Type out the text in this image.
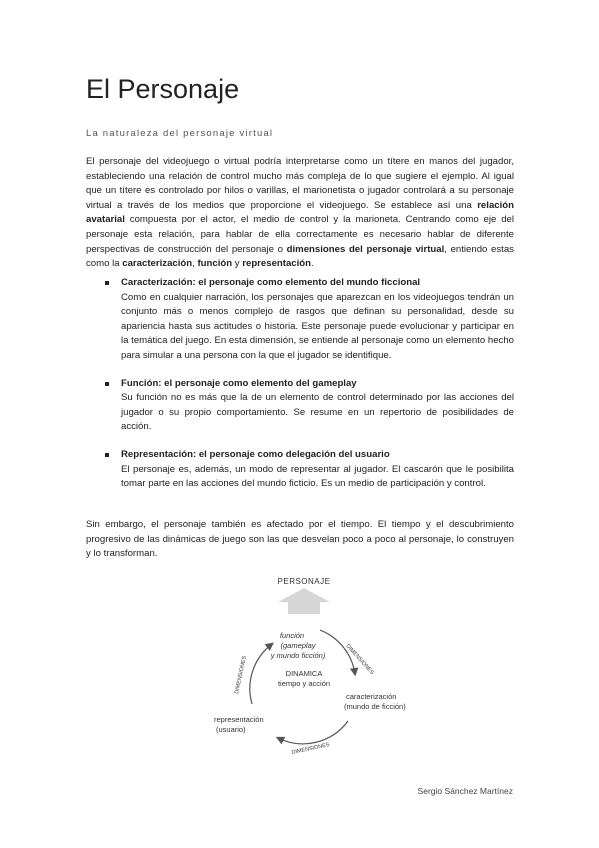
El Personaje
La naturaleza del personaje virtual

El personaje del videojuego o virtual podría interpretarse como un títere en manos del jugador, estableciendo una relación de control mucho más compleja de lo que sugiere el ejemplo. Al igual que un títere es controlado por hilos o varillas, el marionetista o jugador controlará a su personaje virtual a través de los medios que proporcione el videojuego. Se establece así una relación avatarial compuesta por el actor, el medio de control y la marioneta. Centrando como eje del personaje esta relación, para hablar de ella correctamente es necesario hablar de diferente perspectivas de construcción del personaje o dimensiones del personaje virtual, entiendo estas como la caracterización, función y representación.

Caracterización: el personaje como elemento del mundo ficcional
Como en cualquier narración, los personajes que aparezcan en los videojuegos tendrán un conjunto más o menos complejo de rasgos que definan su personalidad, desde su apariencia hasta sus actitudes o historia. Este personaje puede evolucionar y participar en la temática del juego. En esta dimensión, se entiende al personaje como un elemento hecho para simular a una persona con la que el jugador se identifique.
Función: el personaje como elemento del gameplay
Su función no es más que la de un elemento de control determinado por las acciones del jugador o su propio comportamiento. Se resume en un repertorio de posibilidades de acción.
Representación: el personaje como delegación del usuario
El personaje es, además, un modo de representar al jugador. El cascarón que le posibilita tomar parte en las acciones del mundo ficticio. Es un medio de participación y control.

Sin embargo, el personaje también es afectado por el tiempo. El tiempo y el descubrimiento progresivo de las dinámicas de juego son las que desvelan poco a poco al personaje, lo construyen y lo transforman.

PERSONAJE
función
(gameplay
y mundo ficción)
DINAMICA
tiempo y acción
caracterización
(mundo de ficción)
representación
(usuario)
DIMENSIONES
DIMENSIONES
DIMENSIONES
Sergio Sánchez Martínez
